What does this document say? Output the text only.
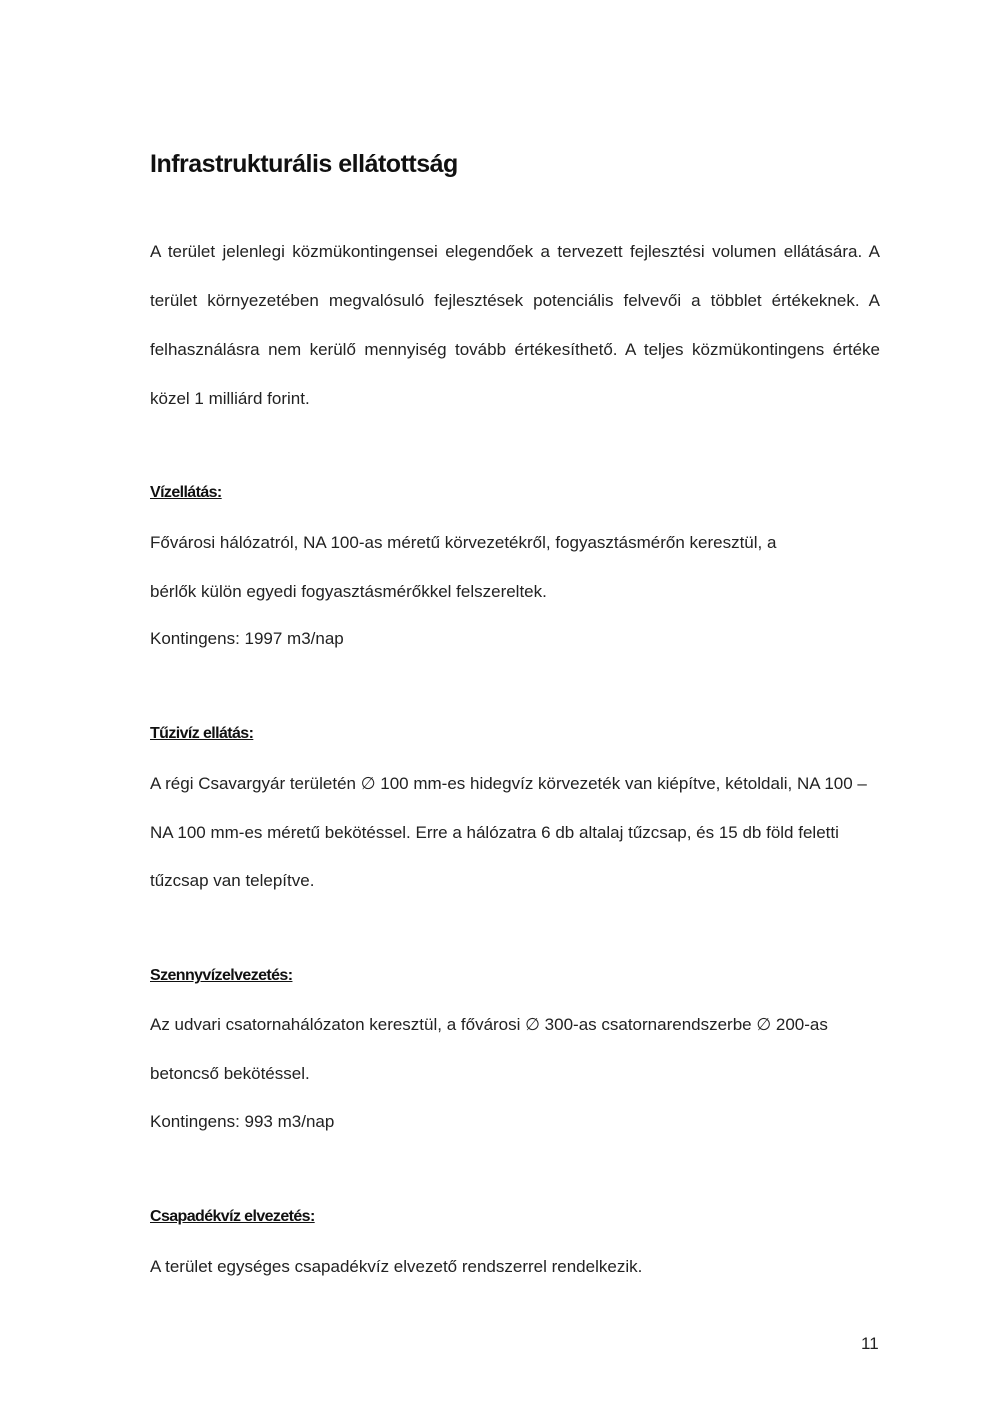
Infrastrukturális ellátottság

A terület jelenlegi közmükontingensei elegendőek a tervezett fejlesztési volumen ellátására. A terület környezetében megvalósuló fejlesztések potenciális felvevői a többlet értékeknek. A felhasználásra nem kerülő mennyiség tovább értékesíthető. A teljes közmükontingens értéke közel 1 milliárd forint.

Vízellátás:

Fővárosi hálózatról, NA 100-as méretű körvezetékről, fogyasztásmérőn keresztül, a

bérlők külön egyedi fogyasztásmérőkkel felszereltek.

Kontingens: 1997 m3/nap

Tűzivíz ellátás:

A régi Csavargyár területén ∅ 100 mm-es hidegvíz körvezeték van kiépítve, kétoldali, NA 100 – NA 100 mm-es méretű bekötéssel. Erre a hálózatra 6 db altalaj tűzcsap, és 15 db föld feletti tűzcsap van telepítve.

Szennyvízelvezetés:

Az udvari csatornahálózaton keresztül, a fővárosi ∅ 300-as csatornarendszerbe ∅ 200-as

betoncső bekötéssel.

Kontingens: 993 m3/nap

Csapadékvíz elvezetés:

A terület egységes csapadékvíz elvezető rendszerrel rendelkezik.

11
